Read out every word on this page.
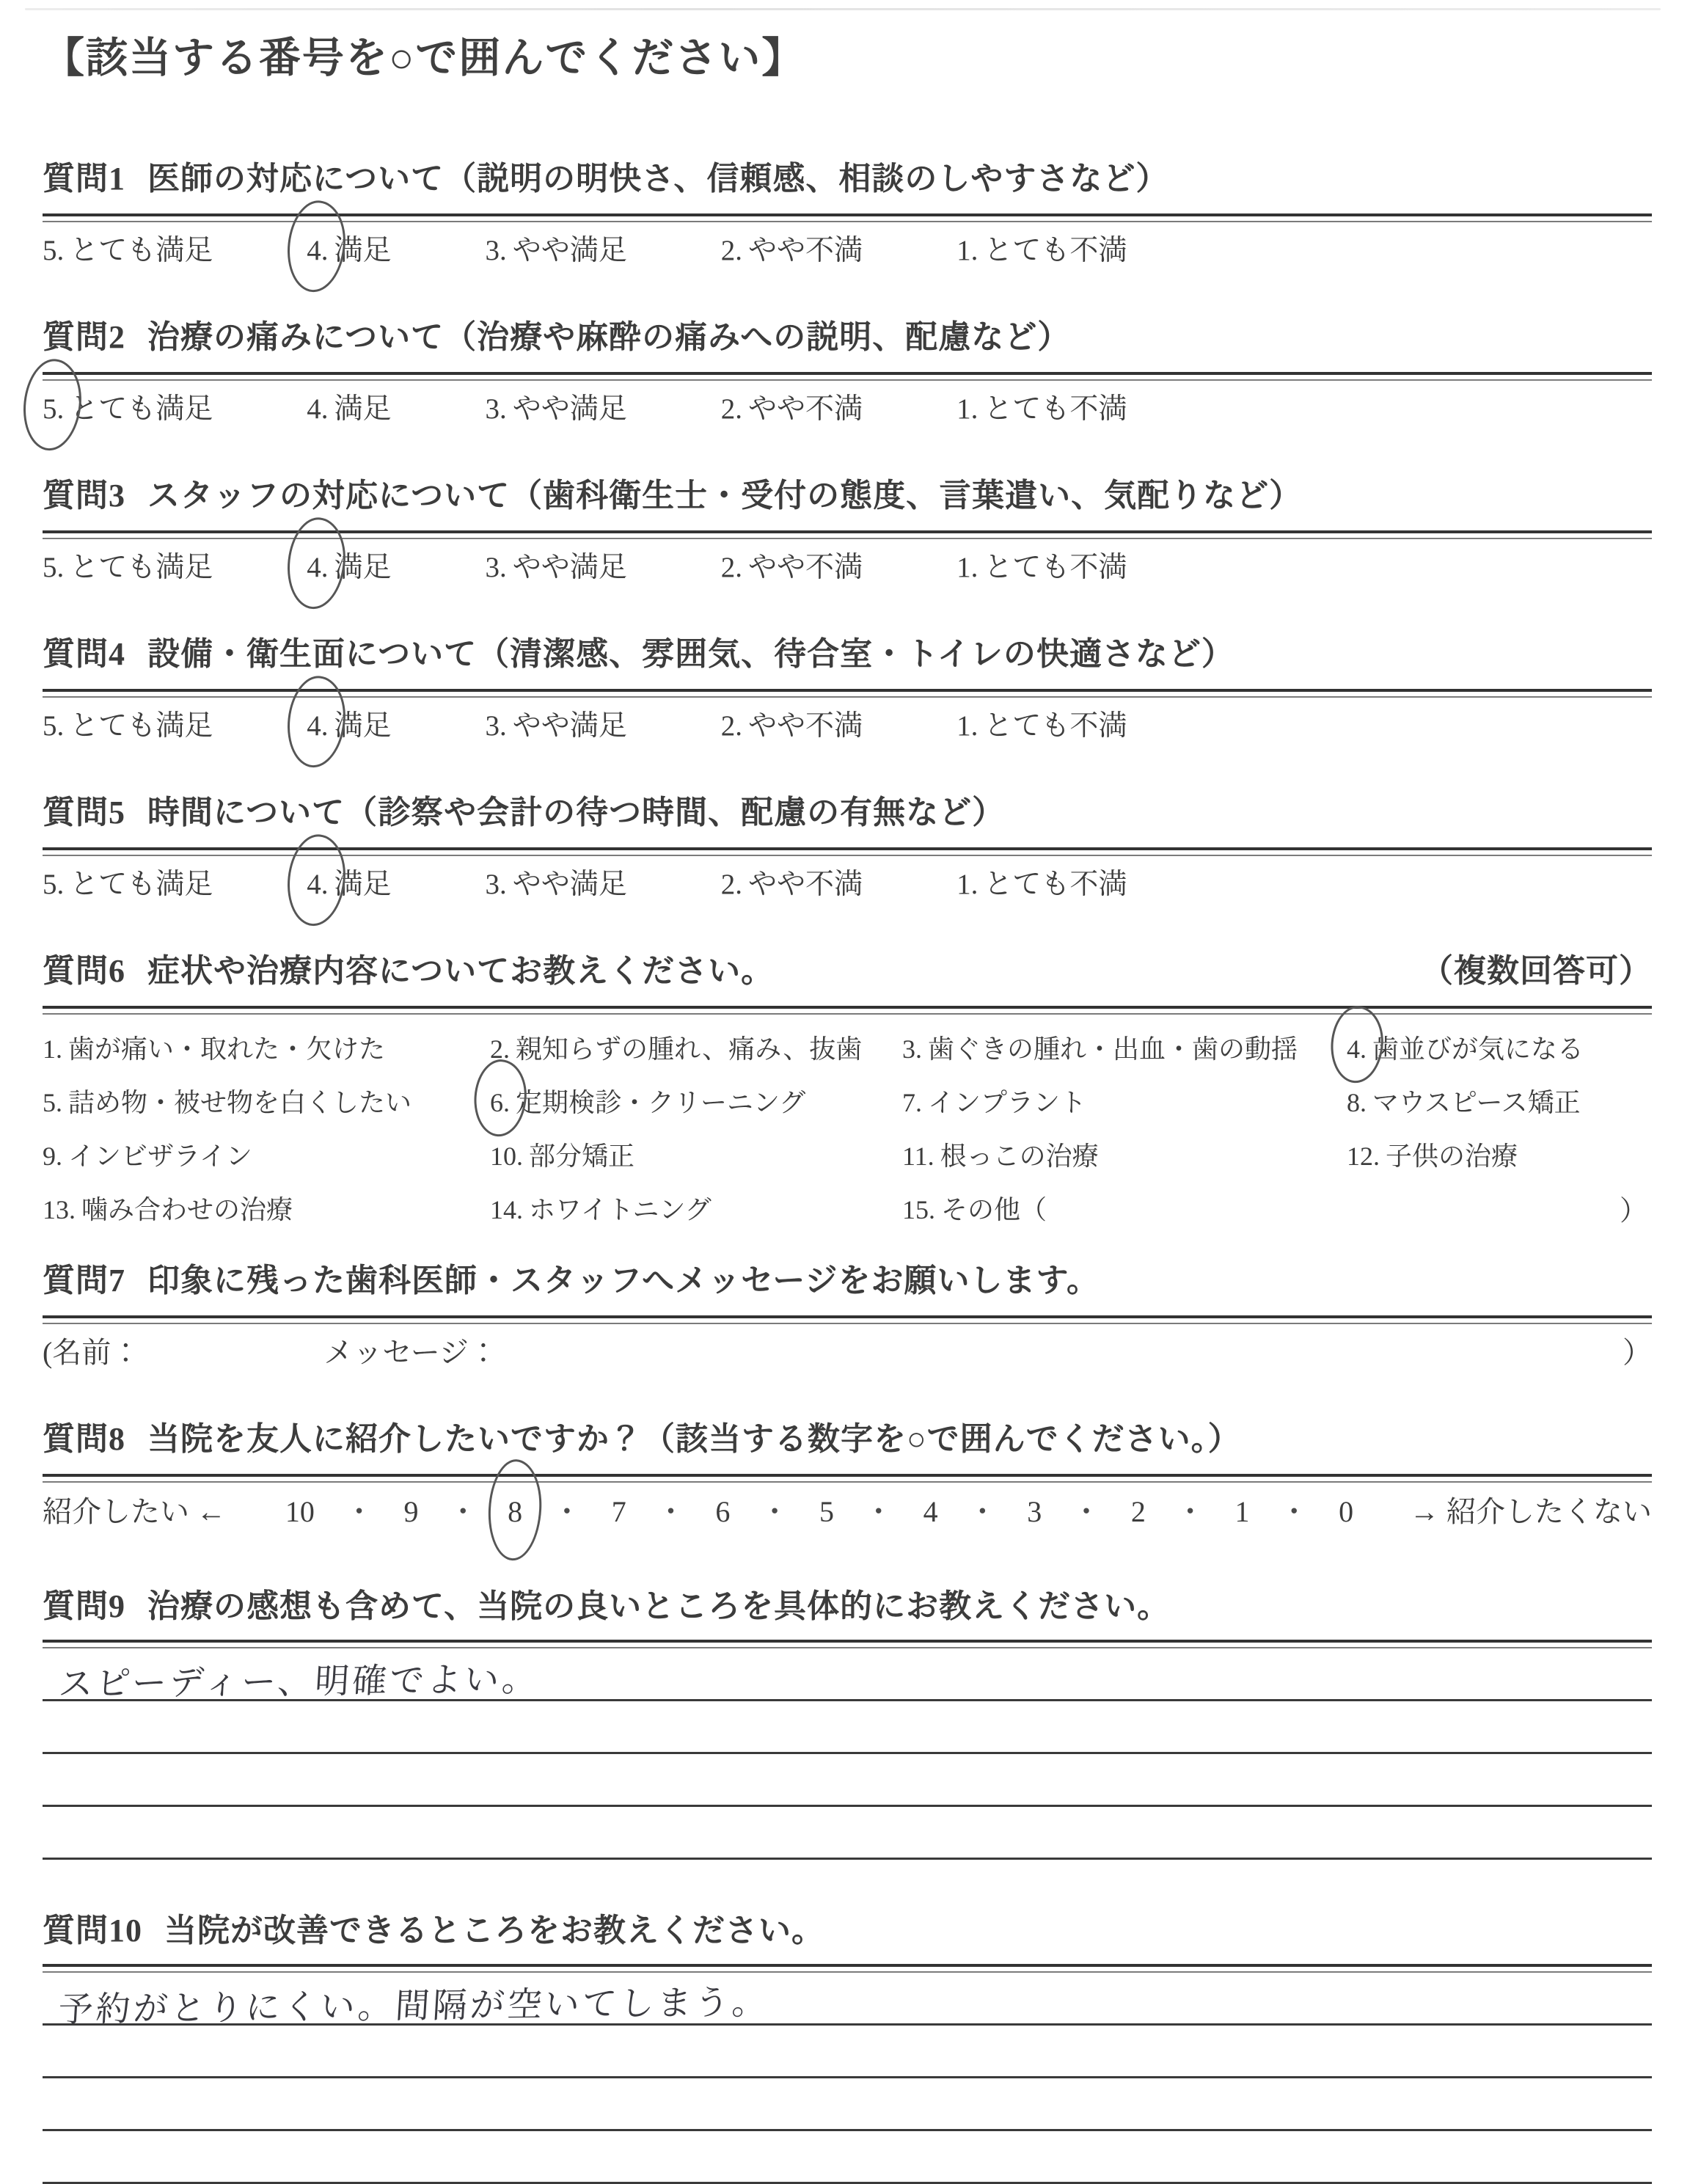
【該当する番号を○で囲んでください】
質問1 医師の対応について（説明の明快さ、信頼感、相談のしやすさなど）
5. とても満足	4. 満足	3. やや満足	2. やや不満	1. とても不満
質問2 治療の痛みについて（治療や麻酔の痛みへの説明、配慮など）
5. とても満足	4. 満足	3. やや満足	2. やや不満	1. とても不満
質問3 スタッフの対応について（歯科衛生士・受付の態度、言葉遣い、気配りなど）
5. とても満足	4. 満足	3. やや満足	2. やや不満	1. とても不満
質問4 設備・衛生面について（清潔感、雰囲気、待合室・トイレの快適さなど）
5. とても満足	4. 満足	3. やや満足	2. やや不満	1. とても不満
質問5 時間について（診察や会計の待つ時間、配慮の有無など）
5. とても満足	4. 満足	3. やや満足	2. やや不満	1. とても不満
質問6 症状や治療内容についてお教えください。	（複数回答可）
1. 歯が痛い・取れた・欠けた	2. 親知らずの腫れ、痛み、抜歯 3. 歯ぐきの腫れ・出血・歯の動揺 4. 歯並びが気になる
5. 詰め物・被せ物を白くしたい	6. 定期検診・クリーニング	7. インプラント	8. マウスピース矯正
9. インビザライン	10. 部分矯正	11. 根っこの治療	12. 子供の治療
13. 噛み合わせの治療	14. ホワイトニング	15. その他（	）
質問7 印象に残った歯科医師・スタッフへメッセージをお願いします。
(名前：	メッセージ：	）
質問8 当院を友人に紹介したいですか？（該当する数字を○で囲んでください。）
紹介したい ← 10 ・ 9 ・ 8 ・ 7 ・ 6 ・ 5 ・ 4 ・ 3 ・ 2 ・ 1 ・ 0 → 紹介したくない
質問9 治療の感想も含めて、当院の良いところを具体的にお教えください。
スピーディー、明確でよい。
質問10 当院が改善できるところをお教えください。
予約がとりにくい。間隔が空いてしまう。
